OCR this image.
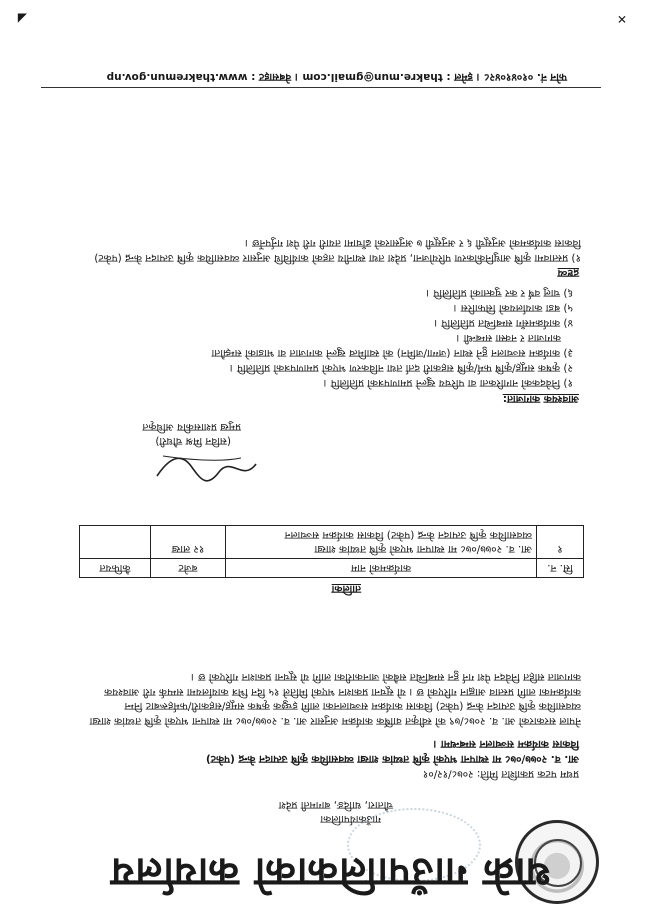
थाक्रे गाउँपालिकाको कार्यालय
गाउँकार्यपालिका
चौतारा, धादिङ, बागमती प्रदेश
प्रथम पटक प्रकाशित मिति: २०७८/१२/०१
आ. व. २०७७/०७८ मा स्थापना भएको कृषि तथ्यांक शाखा व्यवसायिक कृषि उत्पादन केन्द्र (पकेट)
विकास कार्यक्रम सञ्चालन सम्बन्धमा ।
नेपाल सरकारको आ. व. २०७८/७९ को स्वीकृत वार्षिक कार्यक्रम अनुसार आ. व. २०७७/०७८ मा स्थापना भएको कृषि तथ्यांक शाखा व्यवसायिक कृषि उत्पादन केन्द्र (पकेट) विकास कार्यक्रम सञ्चालनका लागि इच्छुक कृषक समूह/सहकारी/फर्महरूबाट निम्न कार्यक्रमका लागि प्रस्ताव आह्वान गरिएको छ । यो सूचना प्रकाशन भएको मितिले १५ दिन भित्र कार्यालयमा सम्पर्क गरी आवश्यक कागजात सहित निवेदन पेश गर्न हुन सम्बन्धित सबैको जानकारीका लागि यो सूचना प्रकाशन गरिएको छ ।
तालिका
सि. न.	कार्यक्रमको नाम	बजेट	कैफियत
१	आ. व. २०७७/०७८ मा स्थापना भएको कृषि तथ्यांक शाखा
व्यवसायिक कृषि उत्पादन केन्द्र (पकेट) विकास कार्यक्रम सञ्चालन	१२ लाख	
(सविन मिश्र चौधरी)
प्रमुख प्रशासकीय अधिकृत
आवश्यक कागजात:
१) निवेदकको नागरिकता वा परिचय खुल्ने प्रमाणपत्रको प्रतिलिपि ।
२) कृषक समूह/कृषि फर्म/कृषि सहकारी दर्ता तथा नविकरण भएको प्रमाणपत्रको प्रतिलिपि ।
३) कार्यक्रम सञ्चालन हुने स्थान (जग्गा/जमिन) को स्वामित्व खुल्ने कागजात वा भाडाको सम्झौता
कागजात र नक्सा सम्बन्धी ।
४) कार्यक्रमसँग सम्बन्धित प्रतिलिपि ।
५) बडा कार्यालयको सिफारिस ।
६) चालु वर्ष र कर चुक्ताको प्रतिलिपि ।
द्रष्टव्य
१) प्रस्तावमा कृषि आधुनिकीकरण परियोजना, प्रदेश तथा स्थानीय तहको कार्यविधि अनुसार व्यवसायिक कृषि उत्पादन केन्द्र (पकेट) विकास कार्यक्रमको अनुसूची ६ र अनुसूची ७ अनुसारको ढाँचामा तयारी गरी पेश गर्नुपर्नेछ ।
फोन नं. ०१०४१०४२८ । इमेल : thakre.mun@gmail.com । वेबसाइट : www.thakremun.gov.np
✕
◢
